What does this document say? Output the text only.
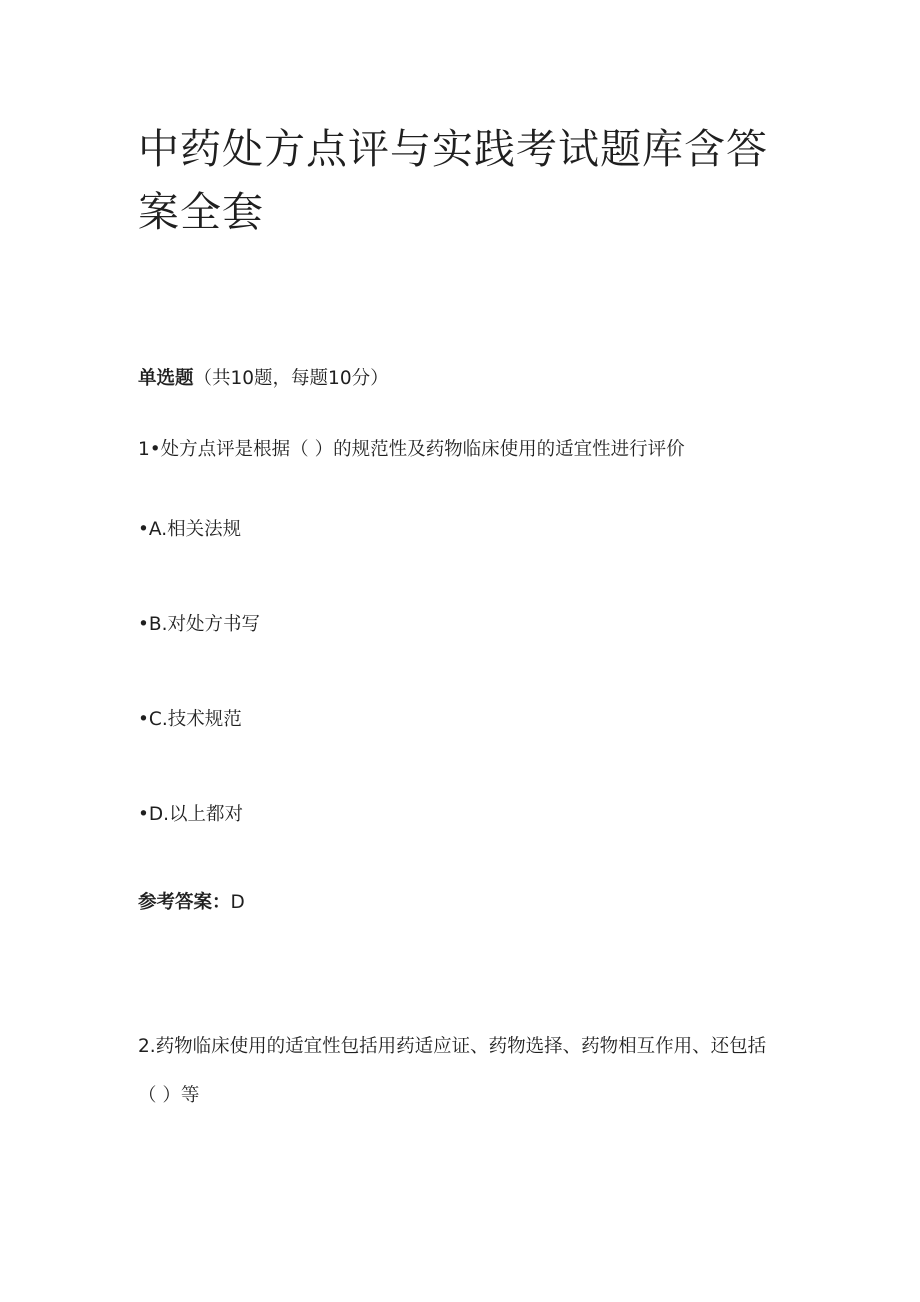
中药处方点评与实践考试题库含答案全套

单选题（共10题，每题10分）

1•处方点评是根据（ ）的规范性及药物临床使用的适宜性进行评价

•A.相关法规

•B.对处方书写

•C.技术规范

•D.以上都对

参考答案：D

2.药物临床使用的适宜性包括用药适应证、药物选择、药物相互作用、还包括（ ）等
